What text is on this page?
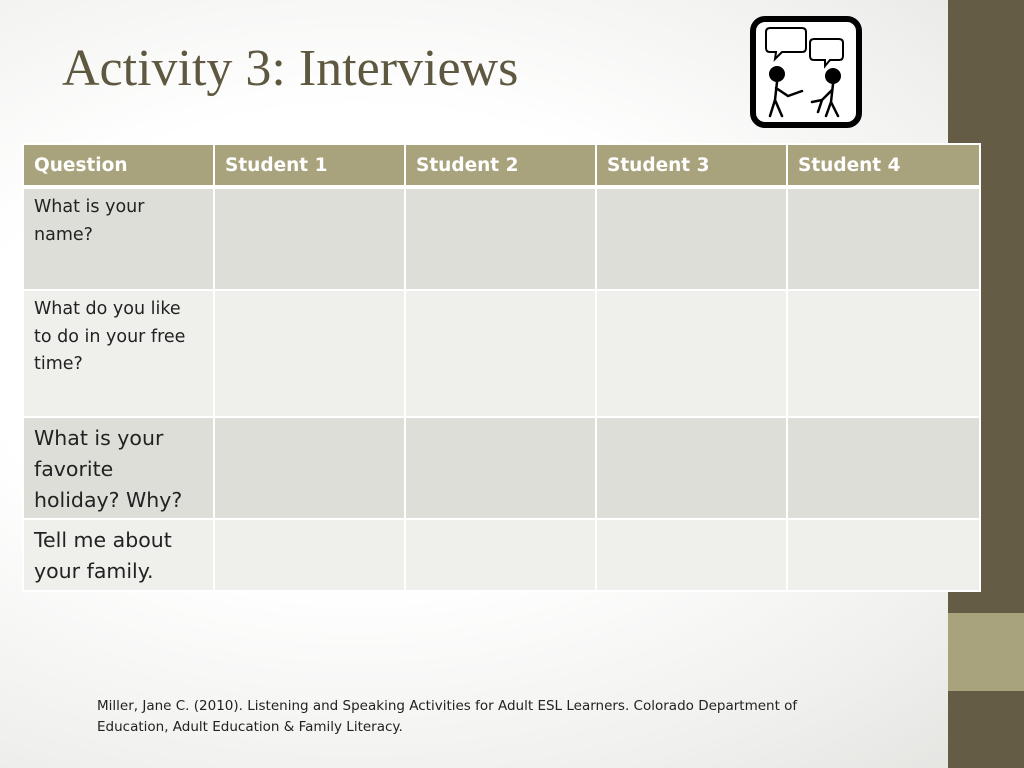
Activity 3: Interviews
Question	Student 1	Student 2	Student 3	Student 4
What is your name?				
What do you like to do in your free time?				
What is your favorite holiday? Why?				
Tell me about your family.				
Miller, Jane C. (2010). Listening and Speaking Activities for Adult ESL Learners. Colorado Department of Education, Adult Education & Family Literacy.
